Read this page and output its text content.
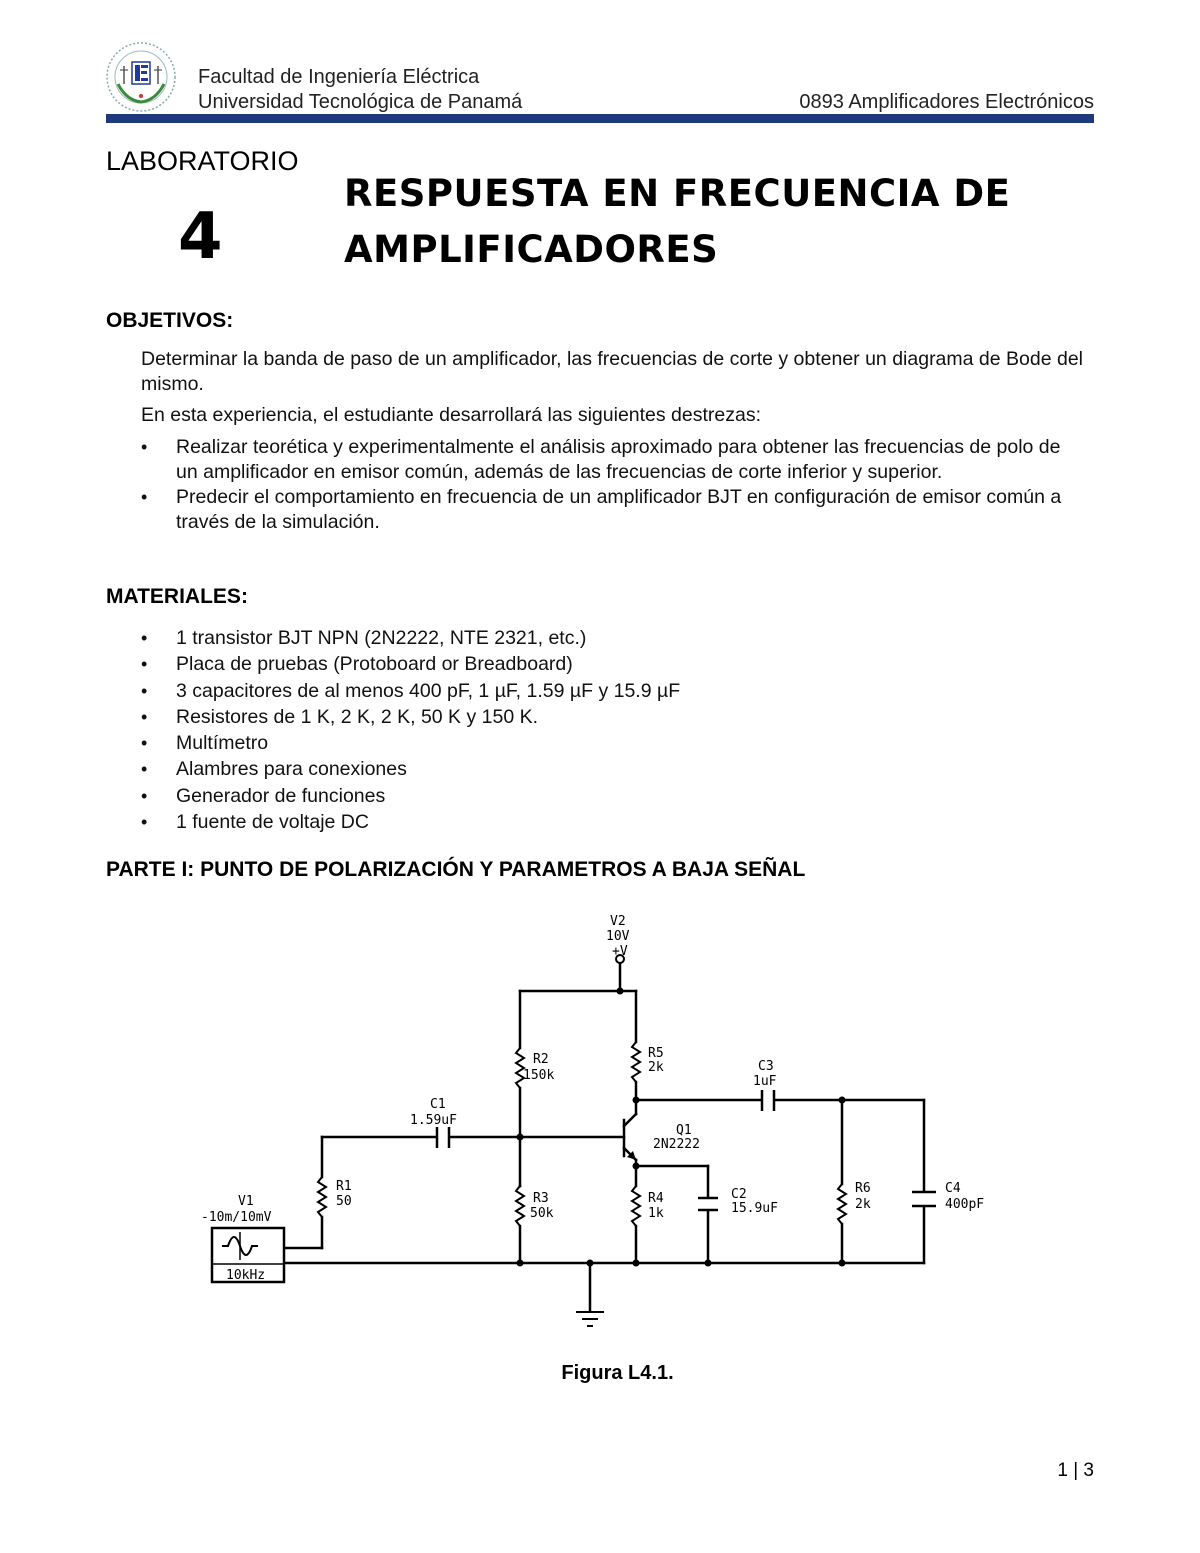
Facultad de Ingeniería Eléctrica
Universidad Tecnológica de Panamá	0893 Amplificadores Electrónicos
LABORATORIO
4
RESPUESTA EN FRECUENCIA DE
AMPLIFICADORES
OBJETIVOS:
Determinar la banda de paso de un amplificador, las frecuencias de corte y obtener un diagrama de Bode del mismo.
En esta experiencia, el estudiante desarrollará las siguientes destrezas:
• Realizar teorética y experimentalmente el análisis aproximado para obtener las frecuencias de polo de un amplificador en emisor común, además de las frecuencias de corte inferior y superior.
• Predecir el comportamiento en frecuencia de un amplificador BJT en configuración de emisor común a través de la simulación.
MATERIALES:
• 1 transistor BJT NPN (2N2222, NTE 2321, etc.)
• Placa de pruebas (Protoboard or Breadboard)
• 3 capacitores de al menos 400 pF, 1 µF, 1.59 µF y 15.9 µF
• Resistores de 1 K, 2 K, 2 K, 50 K y 150 K.
• Multímetro
• Alambres para conexiones
• Generador de funciones
• 1 fuente de voltaje DC
PARTE I: PUNTO DE POLARIZACIÓN Y PARAMETROS A BAJA SEÑAL
V2
10V
+V
R2
150k
R5
2k	C3
1uF
C1
1.59uF
Q1
2N2222
R1
50	R3
50k
R4
1k
C2
15.9uF
R6
2k
C4
400pF
V1
-10m/10mV
10kHz
Figura L4.1.
1 | 3
